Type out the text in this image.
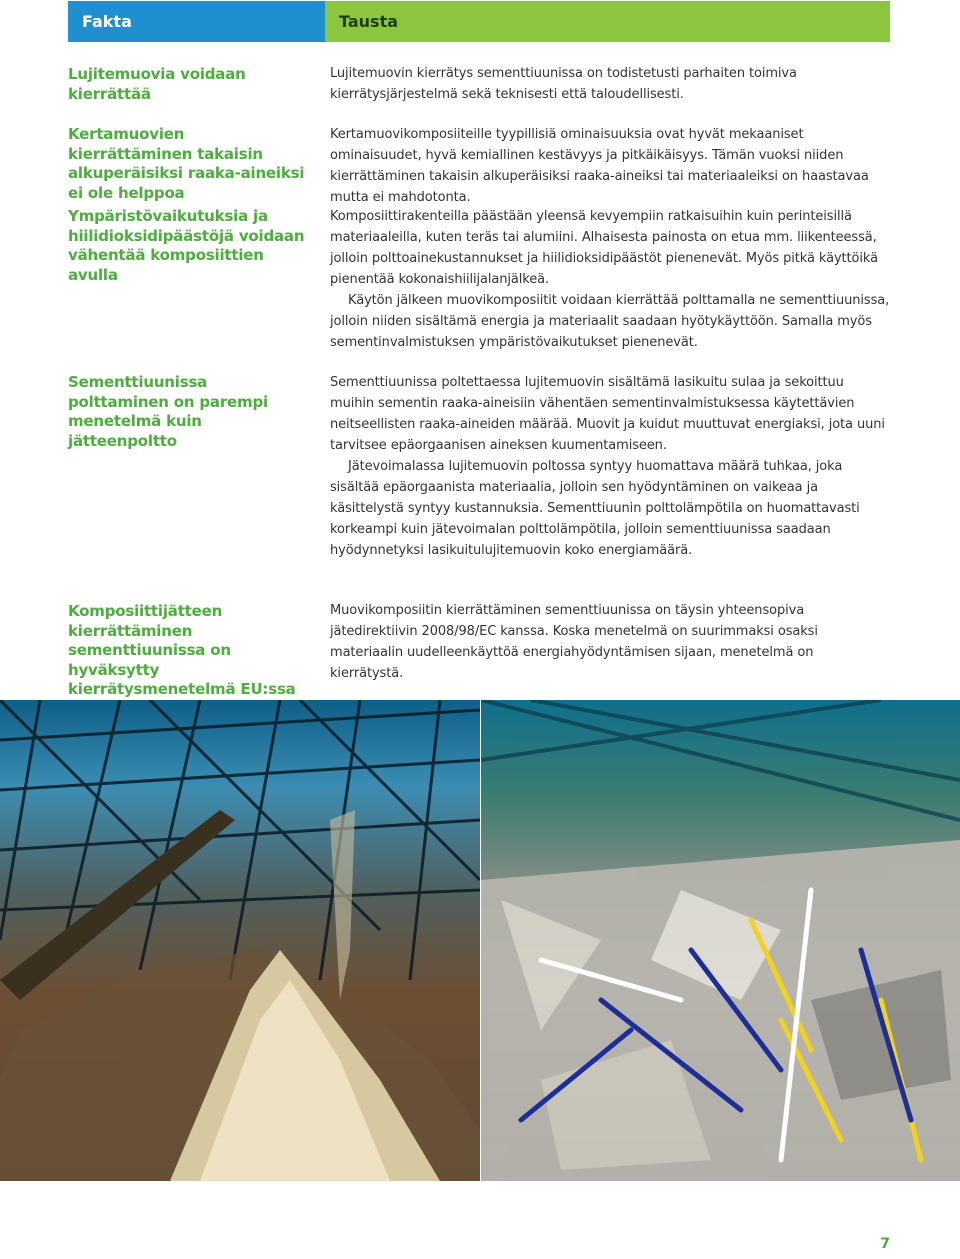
Fakta	Tausta
Lujitemuovia voidaan kierrättää
Kertamuovien kierrättäminen takaisin alkuperäisiksi raaka-aineiksi ei ole helppoa
Ympäristövaikutuksia ja hiilidioksidipäästöjä voidaan vähentää komposiittien avulla
Sementtiuunissa polttaminen on parempi menetelmä kuin jätteenpoltto
Komposiittijätteen kierrättäminen sementtiuunissa on hyväksytty kierrätysmenetelmä EU:ssa

Lujitemuovin kierrätys sementtiuunissa on todistetusti parhaiten toimiva kierrätysjärjestelmä sekä teknisesti että taloudellisesti.

Kertamuovikomposiiteille tyypillisiä ominaisuuksia ovat hyvät mekaaniset ominaisuudet, hyvä kemiallinen kestävyys ja pitkäikäisyys. Tämän vuoksi niiden kierrättäminen takaisin alkuperäisiksi raaka-aineiksi tai materiaaleiksi on haastavaa mutta ei mahdotonta.

Komposiittirakenteilla päästään yleensä kevyempiin ratkaisuihin kuin perinteisillä materiaaleilla, kuten teräs tai alumiini. Alhaisesta painosta on etua mm. liikenteessä, jolloin polttoainekustannukset ja hiilidioksidipäästöt pienenevät. Myös pitkä käyttöikä pienentää kokonaishiilijalanjälkeä.

Käytön jälkeen muovikomposiitit voidaan kierrättää polttamalla ne sementtiuunissa, jolloin niiden sisältämä energia ja materiaalit saadaan hyötykäyttöön. Samalla myös sementinvalmistuksen ympäristövaikutukset pienenevät.

Sementtiuunissa poltettaessa lujitemuovin sisältämä lasikuitu sulaa ja sekoittuu muihin sementin raaka-aineisiin vähentäen sementinvalmistuksessa käytettävien neitseellisten raaka-aineiden määrää. Muovit ja kuidut muuttuvat energiaksi, jota uuni tarvitsee epäorgaanisen aineksen kuumentamiseen.

Jätevoimalassa lujitemuovin poltossa syntyy huomattava määrä tuhkaa, joka sisältää epäorgaanista materiaalia, jolloin sen hyödyntäminen on vaikeaa ja käsittelystä syntyy kustannuksia. Sementtiuunin polttolämpötila on huomattavasti korkeampi kuin jätevoimalan polttolämpötila, jolloin sementtiuunissa saadaan hyödynnetyksi lasikuitulujitemuovin koko energiamäärä.

Muovikomposiitin kierrättäminen sementtiuunissa on täysin yhteensopiva jätedirektiivin 2008/98/EC kanssa. Koska menetelmä on suurimmaksi osaksi materiaalin uudelleenkäyttöä energiahyödyntämisen sijaan, menetelmä on kierrätystä.

7
